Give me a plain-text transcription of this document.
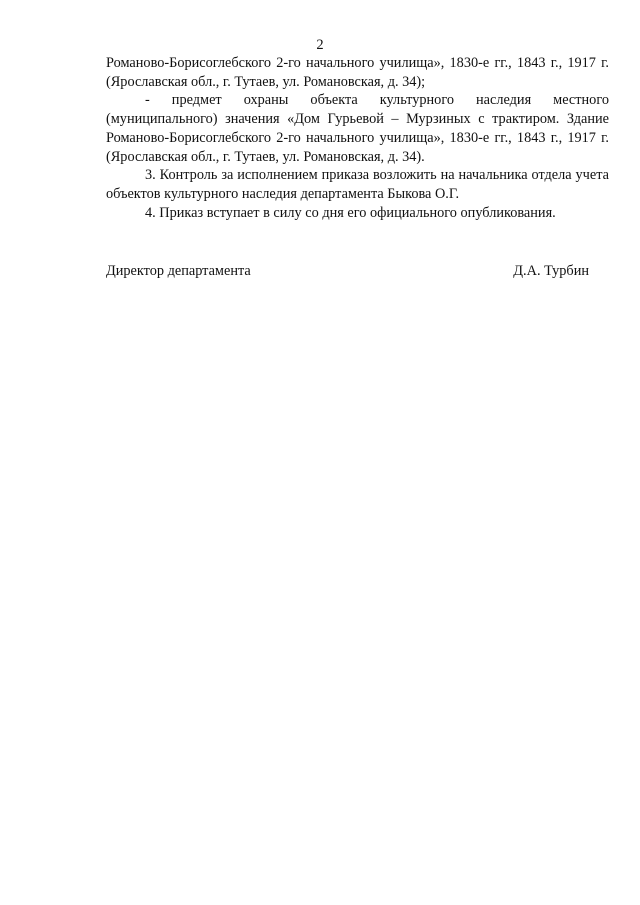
2

Романово-Борисоглебского 2-го начального училища», 1830-е гг., 1843 г., 1917 г. (Ярославская обл., г. Тутаев, ул. Романовская, д. 34);

- предмет охраны объекта культурного наследия местного (муниципального) значения «Дом Гурьевой – Мурзиных с трактиром. Здание Романово-Борисоглебского 2-го начального училища», 1830-е гг., 1843 г., 1917 г. (Ярославская обл., г. Тутаев, ул. Романовская, д. 34).

3. Контроль за исполнением приказа возложить на начальника отдела учета объектов культурного наследия департамента Быкова О.Г.

4. Приказ вступает в силу со дня его официального опубликования.

Директор департамента	Д.А. Турбин
